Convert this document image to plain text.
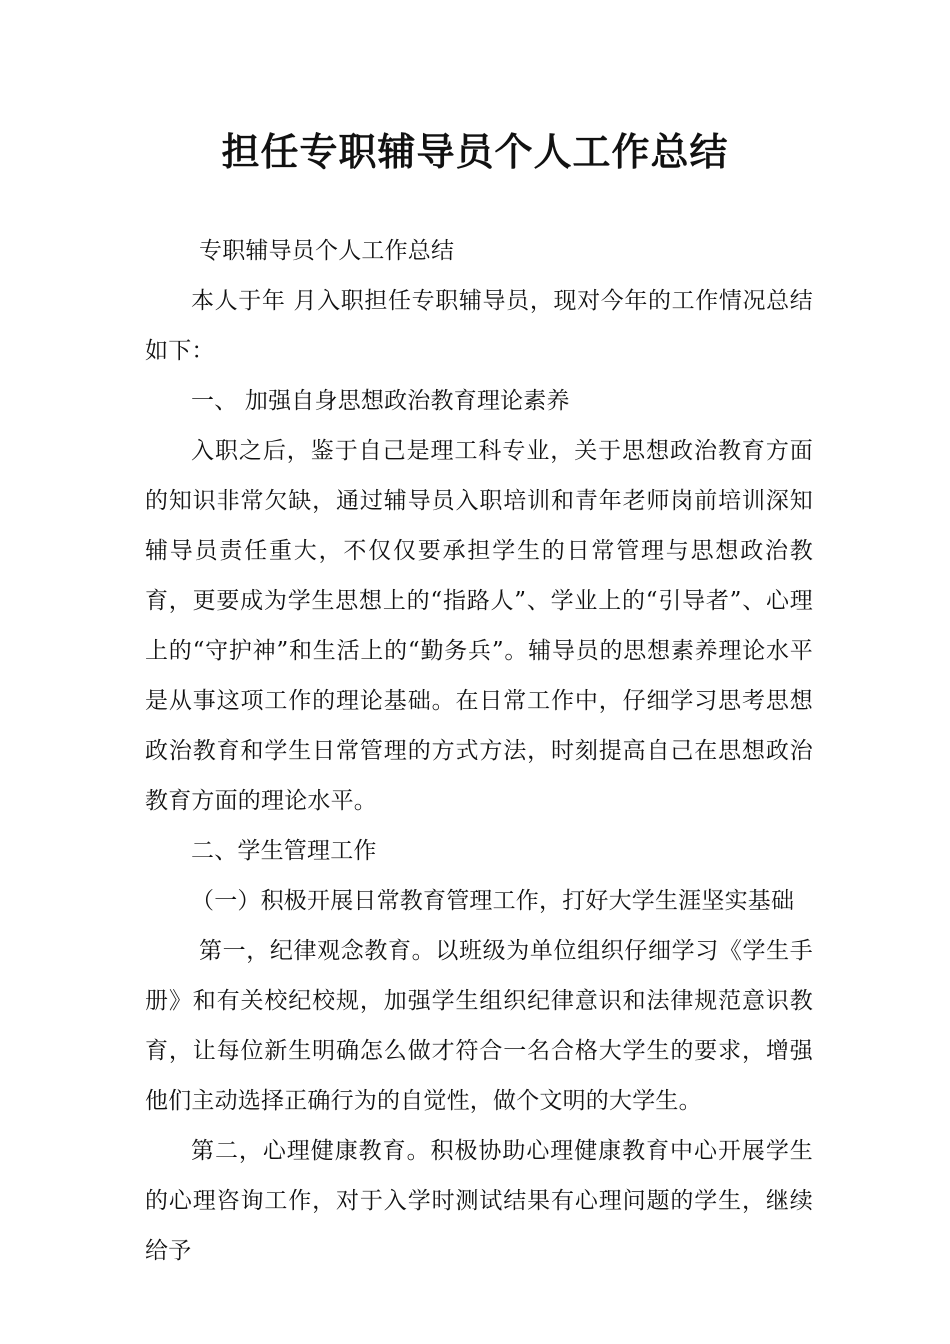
担任专职辅导员个人工作总结

专职辅导员个人工作总结

本人于年 月入职担任专职辅导员，现对今年的工作情况总结如下：

一、 加强自身思想政治教育理论素养

入职之后，鉴于自己是理工科专业，关于思想政治教育方面的知识非常欠缺，通过辅导员入职培训和青年老师岗前培训深知辅导员责任重大，不仅仅要承担学生的日常管理与思想政治教育，更要成为学生思想上的“指路人”、学业上的“引导者”、心理上的“守护神”和生活上的“勤务兵”。辅导员的思想素养理论水平是从事这项工作的理论基础。在日常工作中，仔细学习思考思想政治教育和学生日常管理的方式方法，时刻提高自己在思想政治教育方面的理论水平。

二、学生管理工作

（一）积极开展日常教育管理工作，打好大学生涯坚实基础

第一，纪律观念教育。以班级为单位组织仔细学习《学生手册》和有关校纪校规，加强学生组织纪律意识和法律规范意识教育，让每位新生明确怎么做才符合一名合格大学生的要求，增强他们主动选择正确行为的自觉性，做个文明的大学生。

第二，心理健康教育。积极协助心理健康教育中心开展学生的心理咨询工作，对于入学时测试结果有心理问题的学生，继续给予
